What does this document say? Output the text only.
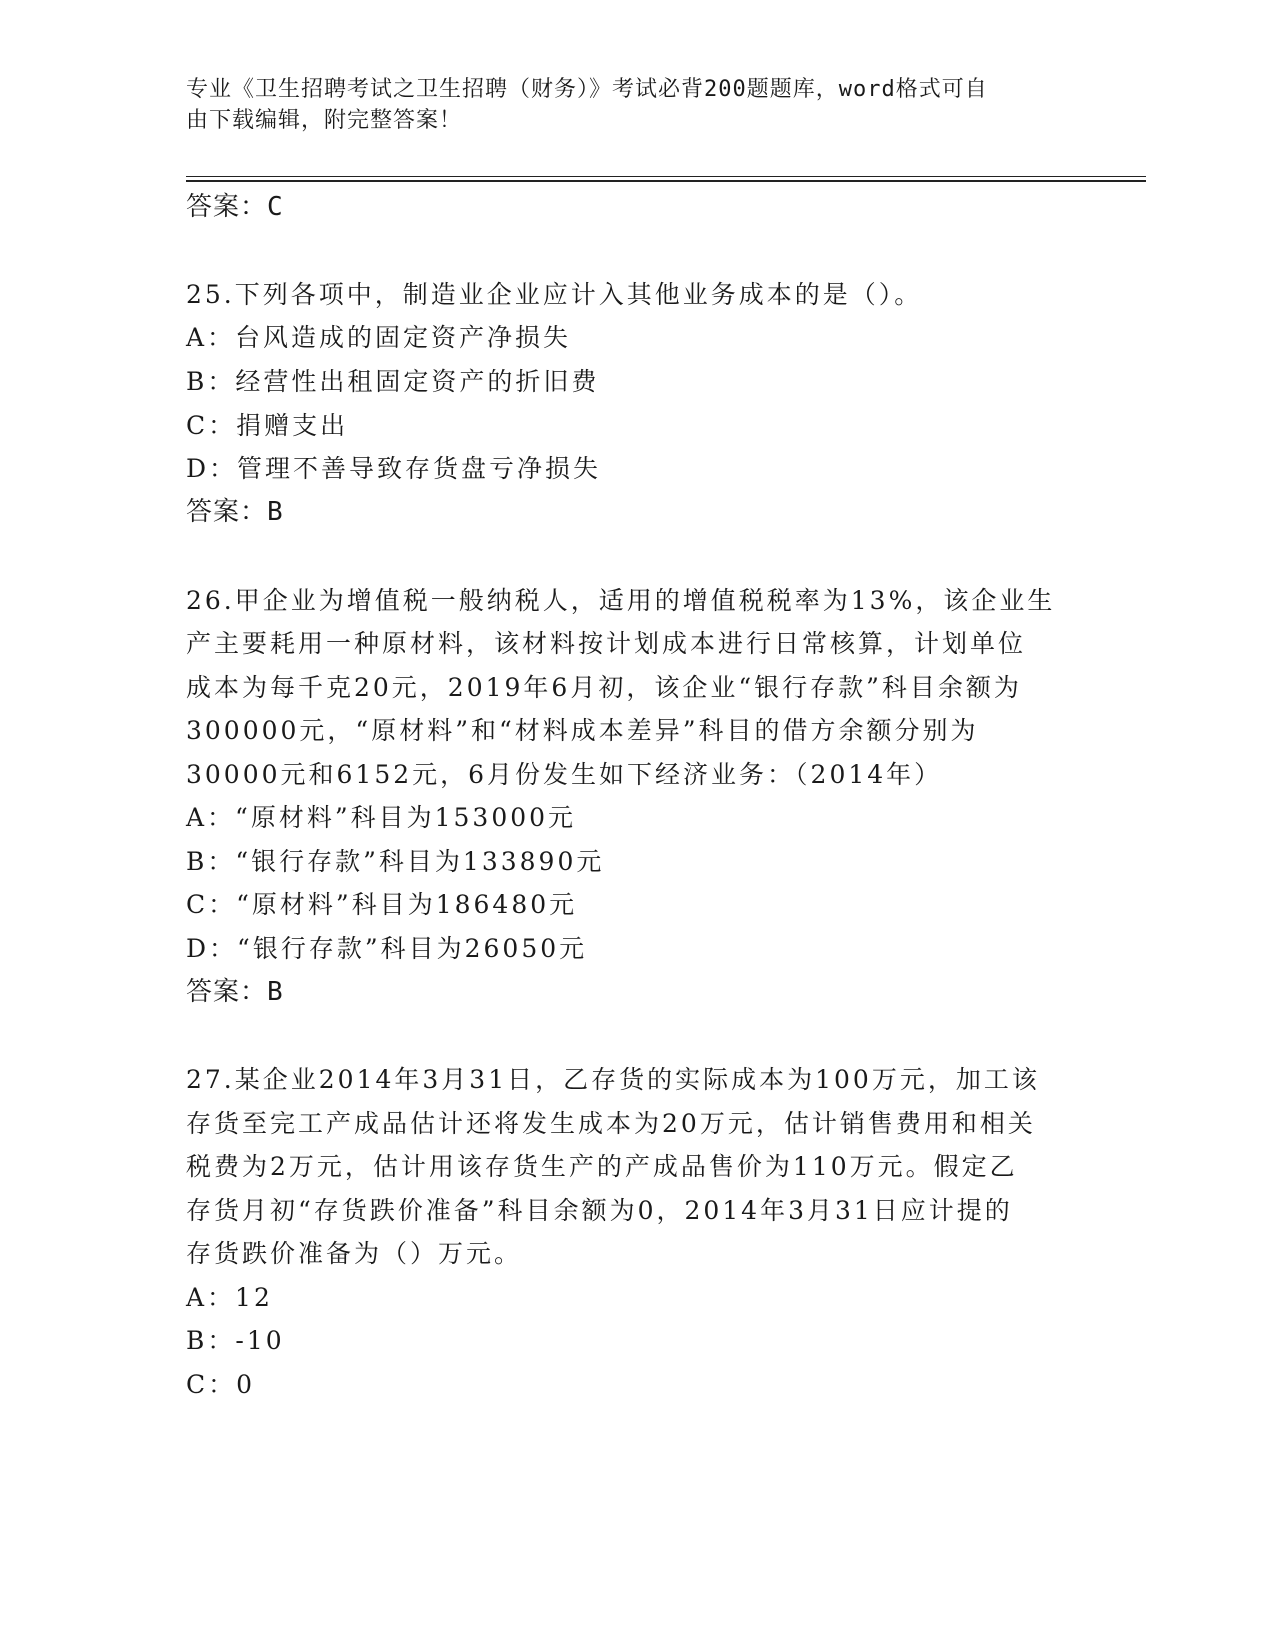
专业《卫生招聘考试之卫生招聘（财务）》考试必背200题题库，word格式可自
由下载编辑，附完整答案！
答案：C
25.下列各项中，制造业企业应计入其他业务成本的是（）。
A：台风造成的固定资产净损失
B：经营性出租固定资产的折旧费
C：捐赠支出
D：管理不善导致存货盘亏净损失
答案：B
26.甲企业为增值税一般纳税人，适用的增值税税率为13%，该企业生
产主要耗用一种原材料，该材料按计划成本进行日常核算，计划单位
成本为每千克20元，2019年6月初，该企业“银行存款”科目余额为
300000元，“原材料”和“材料成本差异”科目的借方余额分别为
30000元和6152元，6月份发生如下经济业务：（2014年）
A：“原材料”科目为153000元
B：“银行存款”科目为133890元
C：“原材料”科目为186480元
D：“银行存款”科目为26050元
答案：B
27.某企业2014年3月31日，乙存货的实际成本为100万元，加工该
存货至完工产成品估计还将发生成本为20万元，估计销售费用和相关
税费为2万元，估计用该存货生产的产成品售价为110万元。假定乙
存货月初“存货跌价准备”科目余额为0，2014年3月31日应计提的
存货跌价准备为（）万元。
A：12
B：-10
C：0
